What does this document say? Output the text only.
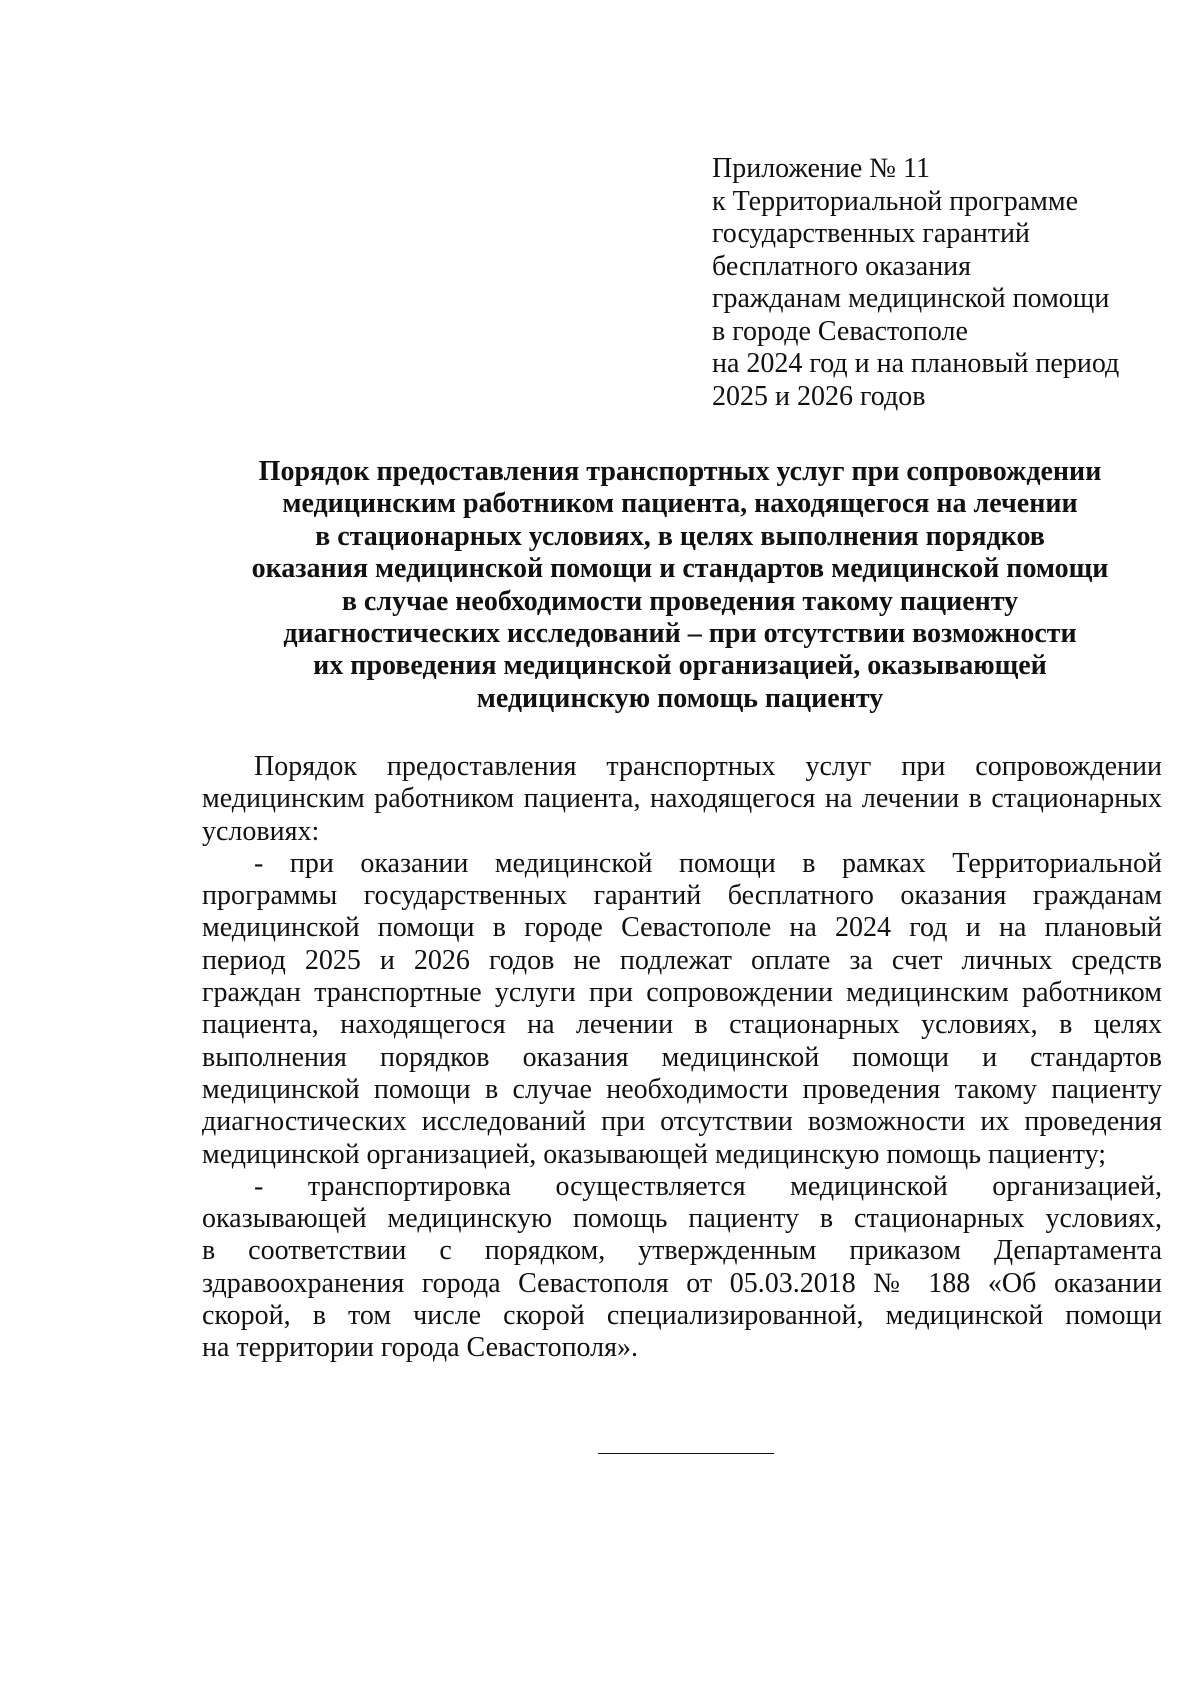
Приложение № 11
к Территориальной программе
государственных гарантий
бесплатного оказания
гражданам медицинской помощи
в городе Севастополе
на 2024 год и на плановый период
2025 и 2026 годов
Порядок предоставления транспортных услуг при сопровождении
медицинским работником пациента, находящегося на лечении
в стационарных условиях, в целях выполнения порядков
оказания медицинской помощи и стандартов медицинской помощи
в случае необходимости проведения такому пациенту
диагностических исследований – при отсутствии возможности
их проведения медицинской организацией, оказывающей
медицинскую помощь пациенту
Порядок предоставления транспортных услуг при сопровождении
медицинским работником пациента, находящегося на лечении в стационарных
условиях:
- при оказании медицинской помощи в рамках Территориальной
программы государственных гарантий бесплатного оказания гражданам
медицинской помощи в городе Севастополе на 2024 год и на плановый
период 2025 и 2026 годов не подлежат оплате за счет личных средств
граждан транспортные услуги при сопровождении медицинским работником
пациента, находящегося на лечении в стационарных условиях, в целях
выполнения порядков оказания медицинской помощи и стандартов
медицинской помощи в случае необходимости проведения такому пациенту
диагностических исследований при отсутствии возможности их проведения
медицинской организацией, оказывающей медицинскую помощь пациенту;
- транспортировка осуществляется медицинской организацией,
оказывающей медицинскую помощь пациенту в стационарных условиях,
в соответствии с порядком, утвержденным приказом Департамента
здравоохранения города Севастополя от 05.03.2018 № 188 «Об оказании
скорой, в том числе скорой специализированной, медицинской помощи
на территории города Севастополя».
